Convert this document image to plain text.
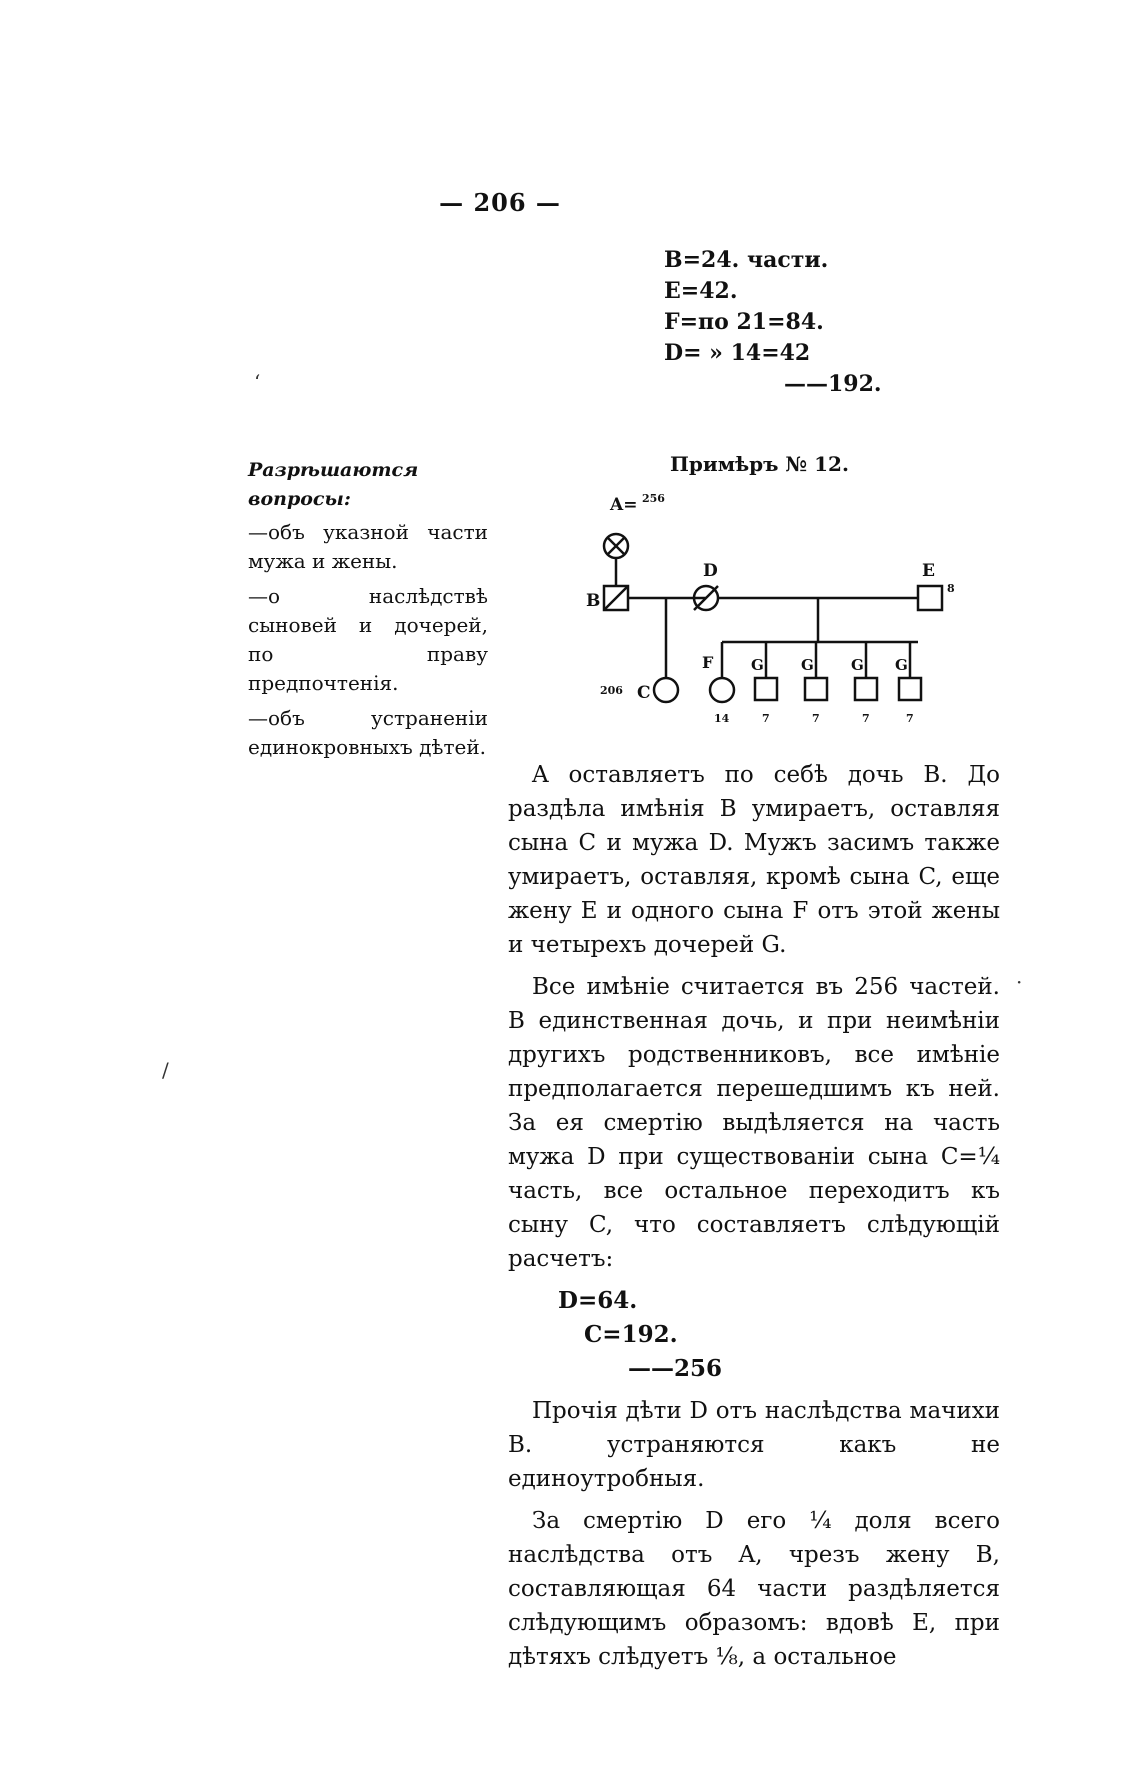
— 206 —
B=24. части.
E=42.
F=по 21=84.
D= » 14=42
——192.
Разрѣшаются вопросы:
—объ указной части мужа и жены.
—о наслѣдствѣ сыновей и дочерей, по праву предпочтенія.
—объ устраненіи единокровныхъ дѣтей.
Примѣръ № 12.
A= 256
B
D	E
8
206 C
F	G G G G
14	7	7	7	7

A оставляетъ по себѣ дочь B. До раздѣла имѣнія B умираетъ, оставляя сына C и мужа D. Мужъ засимъ также умираетъ, оставляя, кромѣ сына C, еще жену E и одного сына F отъ этой жены и четырехъ дочерей G.

Все имѣніе считается въ 256 частей. B единственная дочь, и при неимѣніи другихъ родственниковъ, все имѣніе предполагается перешедшимъ къ ней. За ея смертію выдѣляется на часть мужа D при существованіи сына C=¼ часть, все остальное переходитъ къ сыну C, что составляетъ слѣдующій расчетъ:

D=64.

C=192.

——256

Прочія дѣти D отъ наслѣдства мачихи B. устраняются какъ не единоутробныя.

За смертію D его ¼ доля всего наслѣдства отъ A, чрезъ жену B, составляющая 64 части раздѣляется слѣдующимъ образомъ: вдовѣ E, при дѣтяхъ слѣдуетъ ⅛, а остальное

‘
/
·
